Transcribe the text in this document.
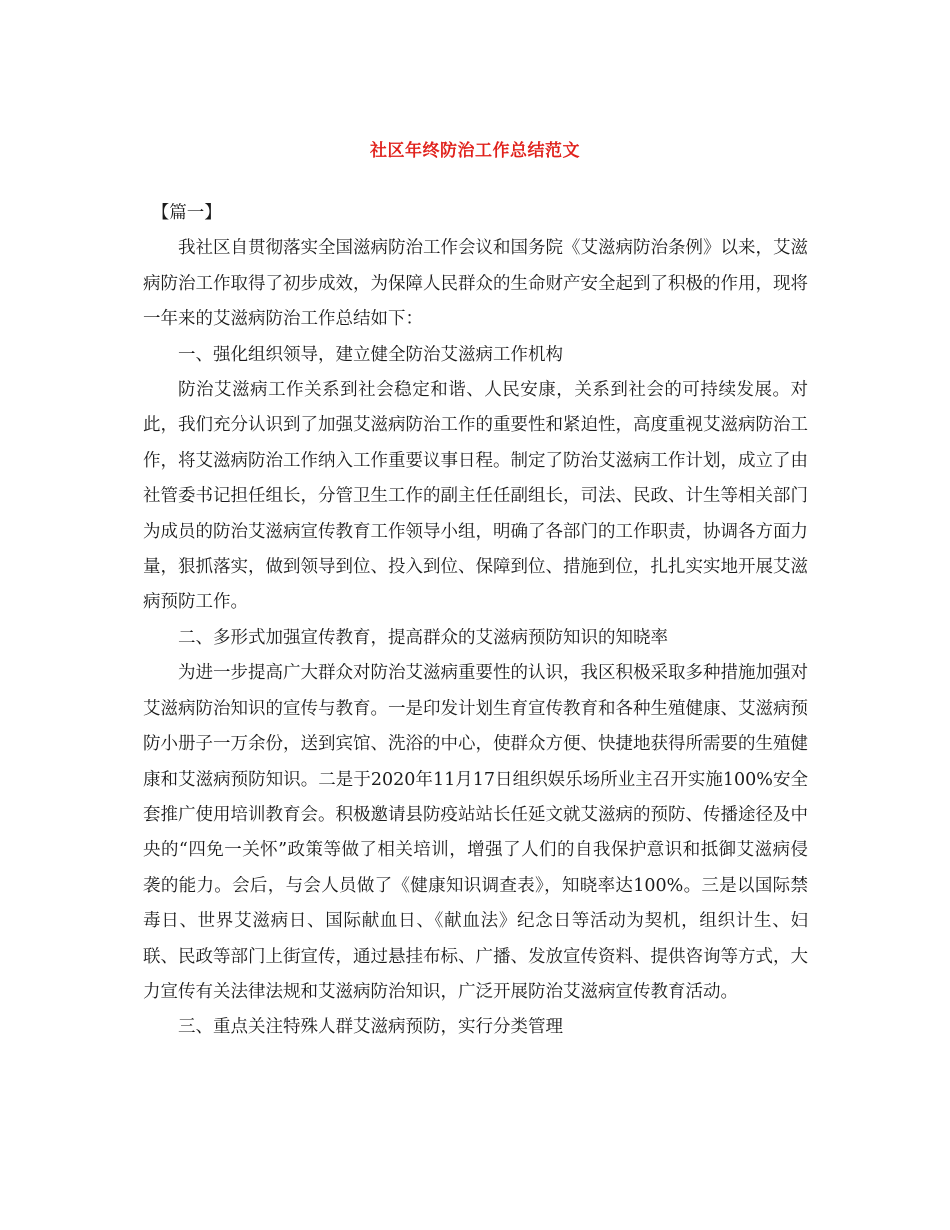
社区年终防治工作总结范文

【篇一】

我社区自贯彻落实全国滋病防治工作会议和国务院《艾滋病防治条例》以来，艾滋病防治工作取得了初步成效，为保障人民群众的生命财产安全起到了积极的作用，现将一年来的艾滋病防治工作总结如下：

一、强化组织领导，建立健全防治艾滋病工作机构

防治艾滋病工作关系到社会稳定和谐、人民安康，关系到社会的可持续发展。对此，我们充分认识到了加强艾滋病防治工作的重要性和紧迫性，高度重视艾滋病防治工作，将艾滋病防治工作纳入工作重要议事日程。制定了防治艾滋病工作计划，成立了由社管委书记担任组长，分管卫生工作的副主任任副组长，司法、民政、计生等相关部门为成员的防治艾滋病宣传教育工作领导小组，明确了各部门的工作职责，协调各方面力量，狠抓落实，做到领导到位、投入到位、保障到位、措施到位，扎扎实实地开展艾滋病预防工作。

二、多形式加强宣传教育，提高群众的艾滋病预防知识的知晓率

为进一步提高广大群众对防治艾滋病重要性的认识，我区积极采取多种措施加强对艾滋病防治知识的宣传与教育。一是印发计划生育宣传教育和各种生殖健康、艾滋病预防小册子一万余份，送到宾馆、洗浴的中心，使群众方便、快捷地获得所需要的生殖健康和艾滋病预防知识。二是于2020年11月17日组织娱乐场所业主召开实施100%安全套推广使用培训教育会。积极邀请县防疫站站长任延文就艾滋病的预防、传播途径及中央的“四免一关怀”政策等做了相关培训，增强了人们的自我保护意识和抵御艾滋病侵袭的能力。会后，与会人员做了《健康知识调查表》，知晓率达100%。三是以国际禁毒日、世界艾滋病日、国际献血日、《献血法》纪念日等活动为契机，组织计生、妇联、民政等部门上街宣传，通过悬挂布标、广播、发放宣传资料、提供咨询等方式，大力宣传有关法律法规和艾滋病防治知识，广泛开展防治艾滋病宣传教育活动。

三、重点关注特殊人群艾滋病预防，实行分类管理
